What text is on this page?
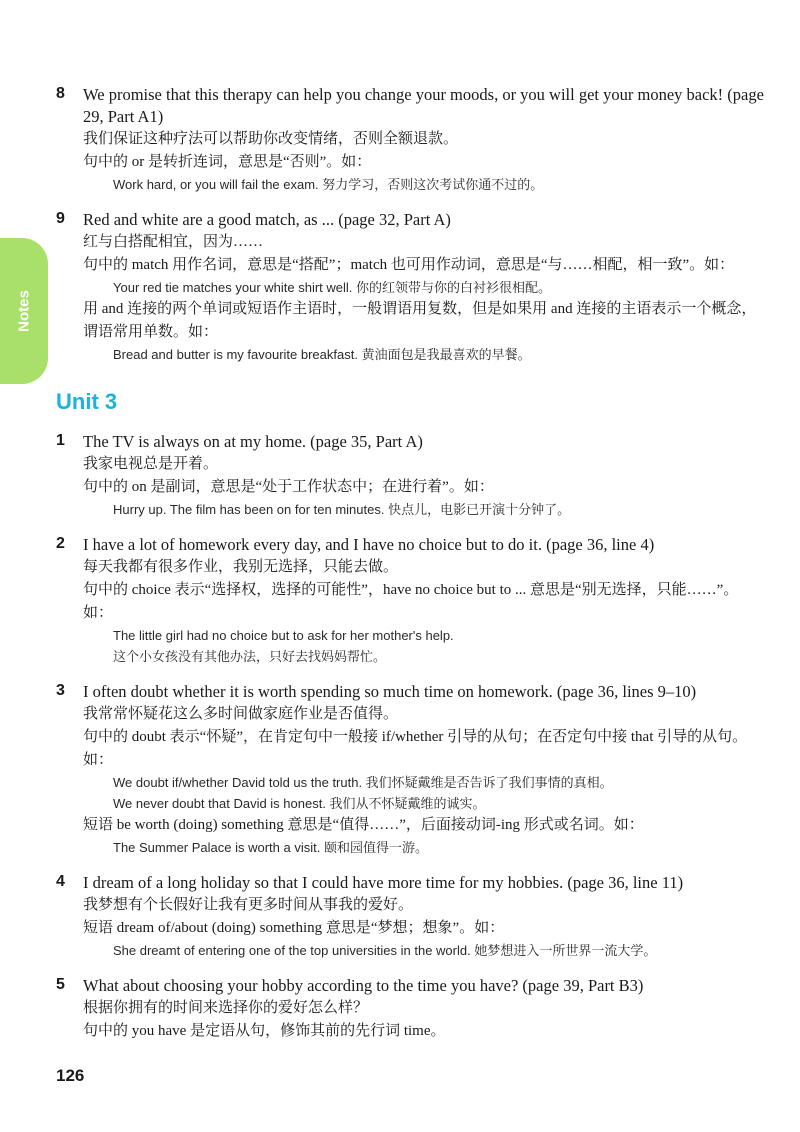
Notes
8 We promise that this therapy can help you change your moods, or you will get your money back! (page 29, Part A1)
我们保证这种疗法可以帮助你改变情绪，否则全额退款。
句中的 or 是转折连词，意思是“否则”。如：
Work hard, or you will fail the exam. 努力学习，否则这次考试你通不过的。
9 Red and white are a good match, as ... (page 32, Part A)
红与白搭配相宜，因为……
句中的 match 用作名词，意思是“搭配”；match 也可用作动词，意思是“与……相配，相一致”。如：
Your red tie matches your white shirt well. 你的红领带与你的白衬衫很相配。
用 and 连接的两个单词或短语作主语时，一般谓语用复数，但是如果用 and 连接的主语表示一个概念，谓语常用单数。如：
Bread and butter is my favourite breakfast. 黄油面包是我最喜欢的早餐。
Unit 3
1 The TV is always on at my home. (page 35, Part A)
我家电视总是开着。
句中的 on 是副词，意思是“处于工作状态中；在进行着”。如：
Hurry up. The film has been on for ten minutes. 快点儿，电影已开演十分钟了。
2 I have a lot of homework every day, and I have no choice but to do it. (page 36, line 4)
每天我都有很多作业，我别无选择，只能去做。
句中的 choice 表示“选择权，选择的可能性”，have no choice but to ... 意思是“别无选择，只能……”。如：
The little girl had no choice but to ask for her mother's help.
这个小女孩没有其他办法，只好去找妈妈帮忙。
3 I often doubt whether it is worth spending so much time on homework. (page 36, lines 9–10)
我常常怀疑花这么多时间做家庭作业是否值得。
句中的 doubt 表示“怀疑”，在肯定句中一般接 if/whether 引导的从句；在否定句中接 that 引导的从句。如：
We doubt if/whether David told us the truth. 我们怀疑戴维是否告诉了我们事情的真相。
We never doubt that David is honest. 我们从不怀疑戴维的诚实。
短语 be worth (doing) something 意思是“值得……”，后面接动词-ing 形式或名词。如：
The Summer Palace is worth a visit. 颐和园值得一游。
4 I dream of a long holiday so that I could have more time for my hobbies. (page 36, line 11)
我梦想有个长假好让我有更多时间从事我的爱好。
短语 dream of/about (doing) something 意思是“梦想；想象”。如：
She dreamt of entering one of the top universities in the world. 她梦想进入一所世界一流大学。
5 What about choosing your hobby according to the time you have? (page 39, Part B3)
根据你拥有的时间来选择你的爱好怎么样？
句中的 you have 是定语从句，修饰其前的先行词 time。
126
